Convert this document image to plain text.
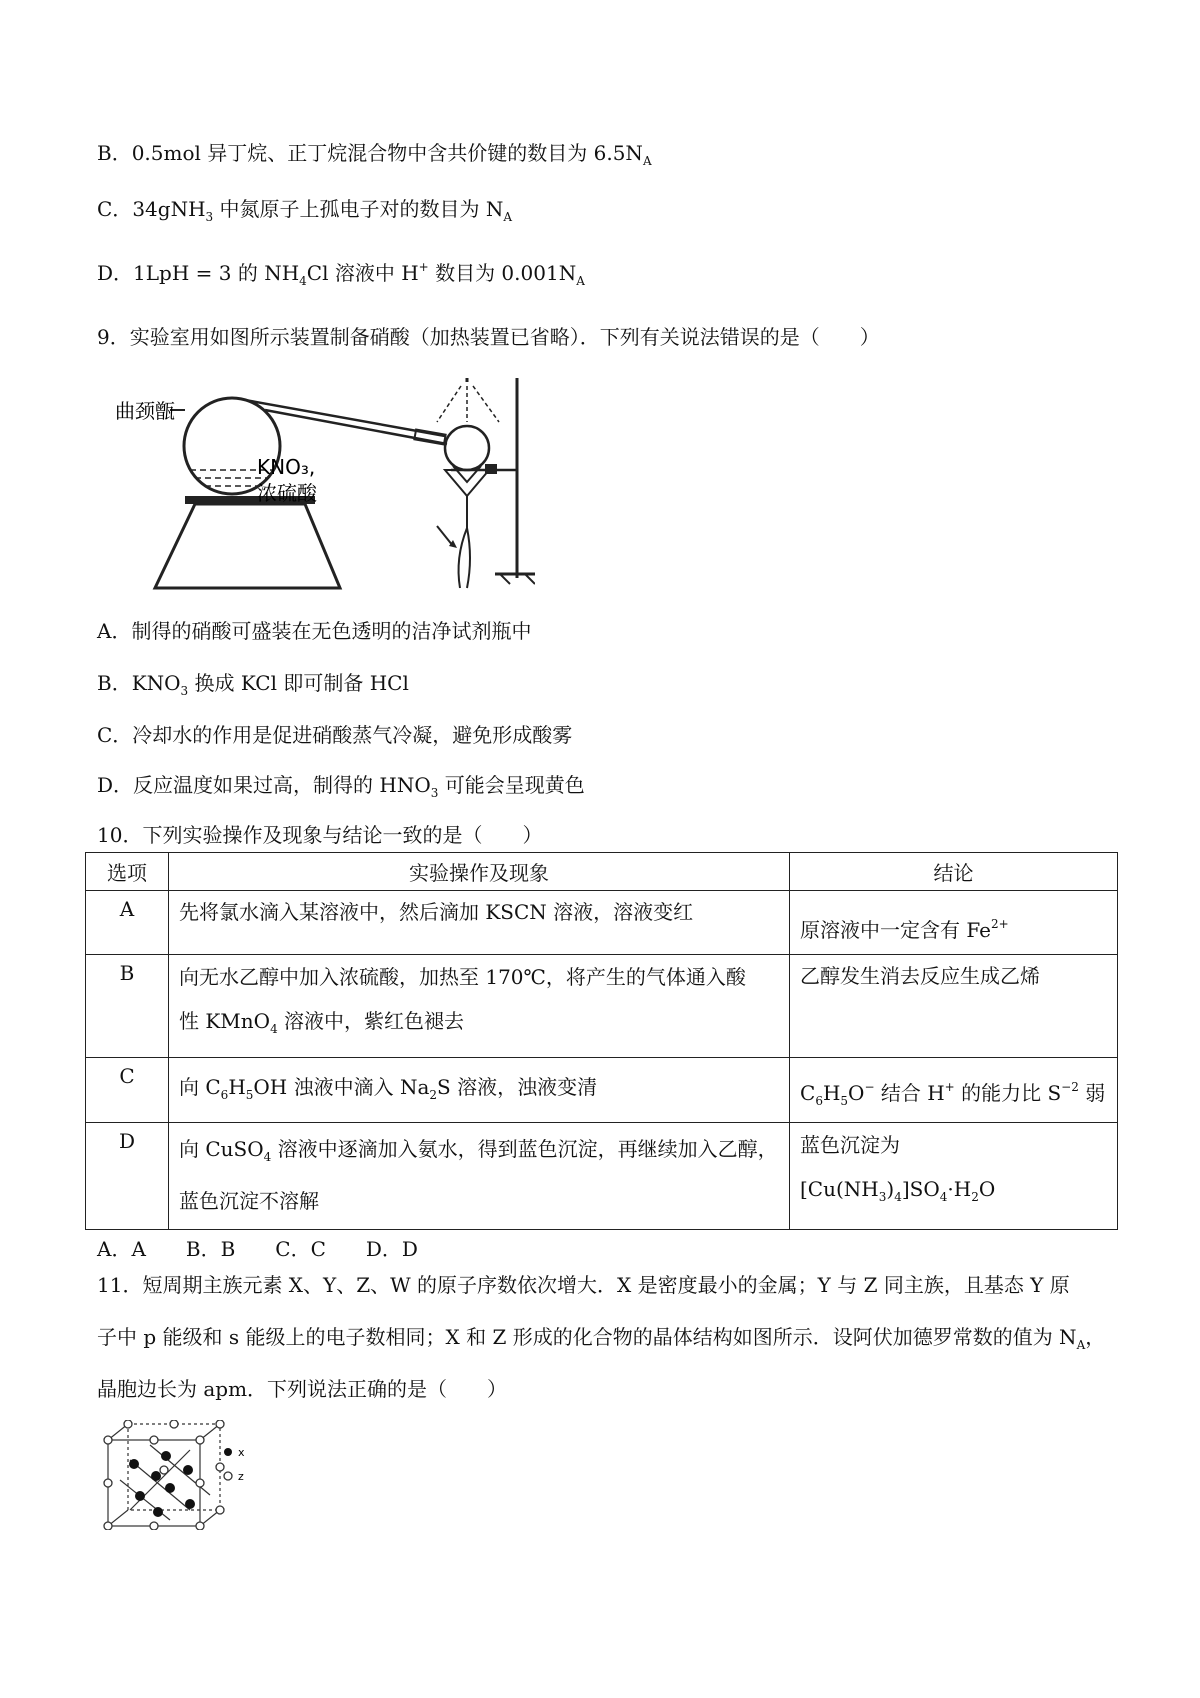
B．0.5mol 异丁烷、正丁烷混合物中含共价键的数目为 $6.5N_A$
C．34gNH$_3$ 中氮原子上孤电子对的数目为 $N_A$
D．1LpH = 3 的 $NH_4Cl$ 溶液中 H+ 数目为 $0.001N_A$
9．实验室用如图所示装置制备硝酸（加热装置已省略）．下列有关说法错误的是（　　）
曲颈甑
KNO₃,
浓硫酸
A．制得的硝酸可盛装在无色透明的洁净试剂瓶中
B．$KNO_3$ 换成 KCl 即可制备 HCl
C．冷却水的作用是促进硝酸蒸气冷凝，避免形成酸雾
D．反应温度如果过高，制得的 $HNO_3$ 可能会呈现黄色
10．下列实验操作及现象与结论一致的是（　　）
选项	实验操作及现象	结论
A	先将氯水滴入某溶液中，然后滴加 KSCN 溶液，溶液变红	原溶液中一定含有 $Fe^{2+}$
B	向无水乙醇中加入浓硫酸，加热至 170℃，将产生的气体通入酸
性 KMnO$_4$ 溶液中，紫红色褪去	乙醇发生消去反应生成乙烯
C	向 $C_6H_5OH$ 浊液中滴入 $Na_2S$ 溶液，浊液变清	$C_6H_5O^-$ 结合 H+ 的能力比 $S^{-2}$ 弱
D	向 CuSO$_4$ 溶液中逐滴加入氨水，得到蓝色沉淀，再继续加入乙醇，
蓝色沉淀不溶解	蓝色沉淀为
$[Cu(NH_3)_4]SO_4\cdot H_2O$
A．A　　B．B　　C．C　　D．D
11．短周期主族元素 X、Y、Z、W 的原子序数依次增大．X 是密度最小的金属；Y 与 Z 同主族，且基态 Y 原
子中 p 能级和 s 能级上的电子数相同；X 和 Z 形成的化合物的晶体结构如图所示．设阿伏加德罗常数的值为 $N_A$，
晶胞边长为 apm．下列说法正确的是（　　）
x
z
